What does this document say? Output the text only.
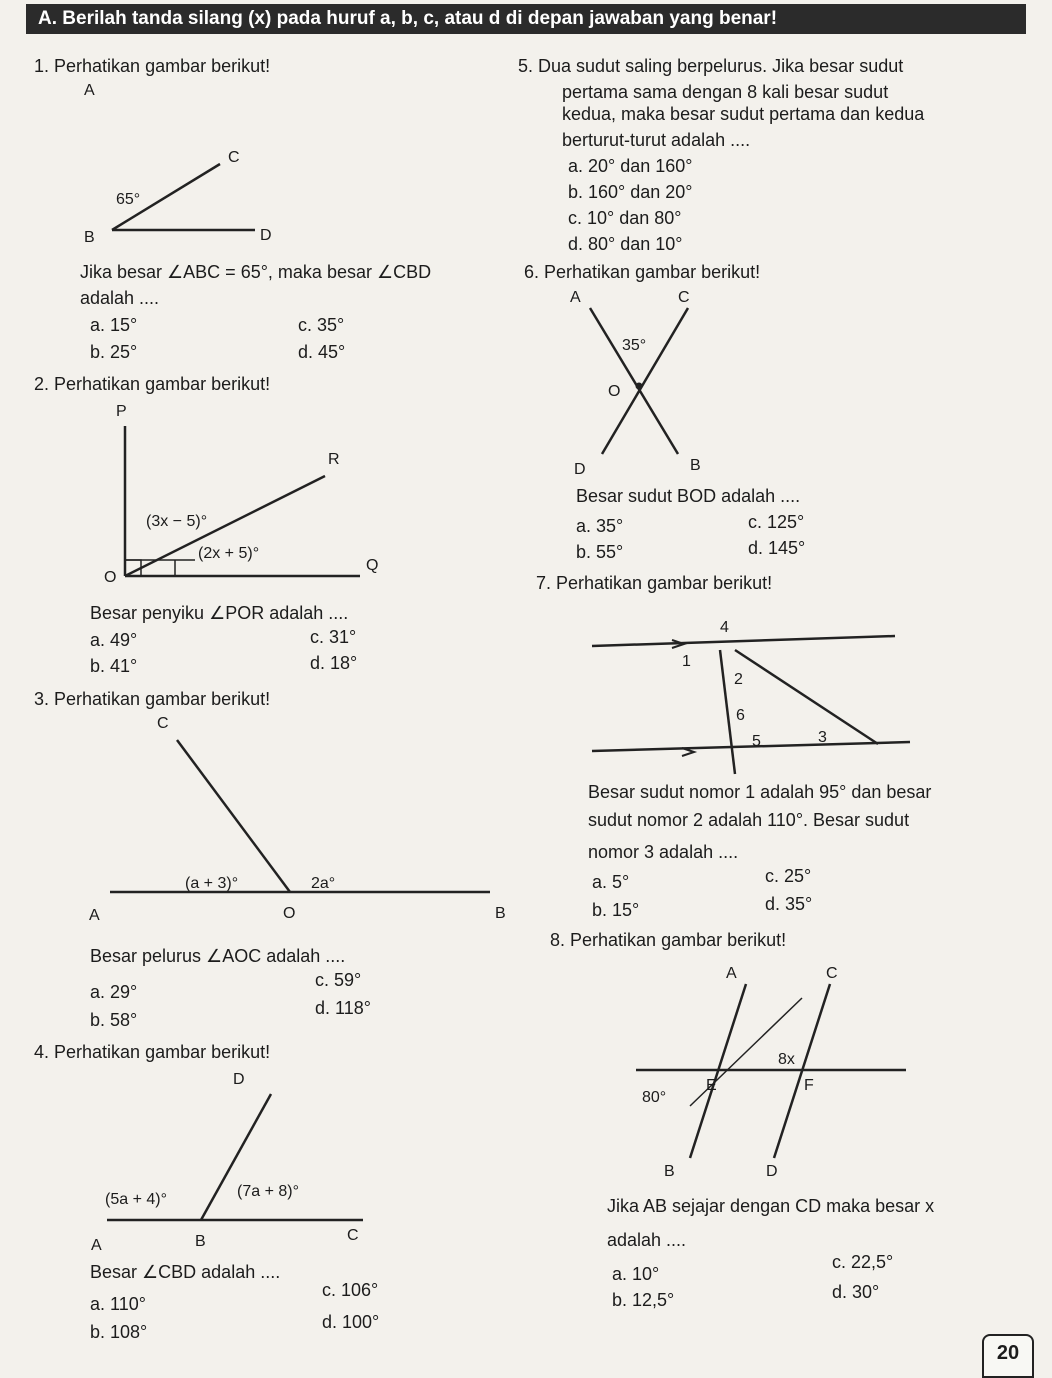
A. Berilah tanda silang (x) pada huruf a, b, c, atau d di depan jawaban yang benar!
1. Perhatikan gambar berikut!
A
C
65°
B	D
Jika besar ∠ABC = 65°, maka besar ∠CBD
adalah ....
a. 15°	c. 35°
b. 25°	d. 45°
2. Perhatikan gambar berikut!
P
R
(3x − 5)°
(2x + 5)°
O
Q
Besar penyiku ∠POR adalah ....
a. 49°	c. 31°
b. 41°	d. 18°
3. Perhatikan gambar berikut!
C
(a + 3)°	2a°
A	O	B
Besar pelurus ∠AOC adalah ....
a. 29°
c. 59°
b. 58°
d. 118°
4. Perhatikan gambar berikut!
D
(5a + 4)°	(7a + 8)°
A	B	C
Besar ∠CBD adalah ....
a. 110°
c. 106°
b. 108°	d. 100°
5. Dua sudut saling berpelurus. Jika besar sudut
pertama sama dengan 8 kali besar sudut
kedua, maka besar sudut pertama dan kedua
berturut-turut adalah ....
a. 20° dan 160°
b. 160° dan 20°
c. 10° dan 80°
d. 80° dan 10°
6. Perhatikan gambar berikut!
A	C
35°
O
D	B
Besar sudut BOD adalah ....
a. 35°	c. 125°
b. 55°	d. 145°
7. Perhatikan gambar berikut!
4
1
2
6
5	3
Besar sudut nomor 1 adalah 95° dan besar
sudut nomor 2 adalah 110°. Besar sudut
nomor 3 adalah ....
a. 5°	c. 25°
b. 15°	d. 35°
8. Perhatikan gambar berikut!
A	C
8x
E	F
80°
B	D
Jika AB sejajar dengan CD maka besar x
adalah ....
a. 10°
c. 22,5°
b. 12,5°	d. 30°
20
